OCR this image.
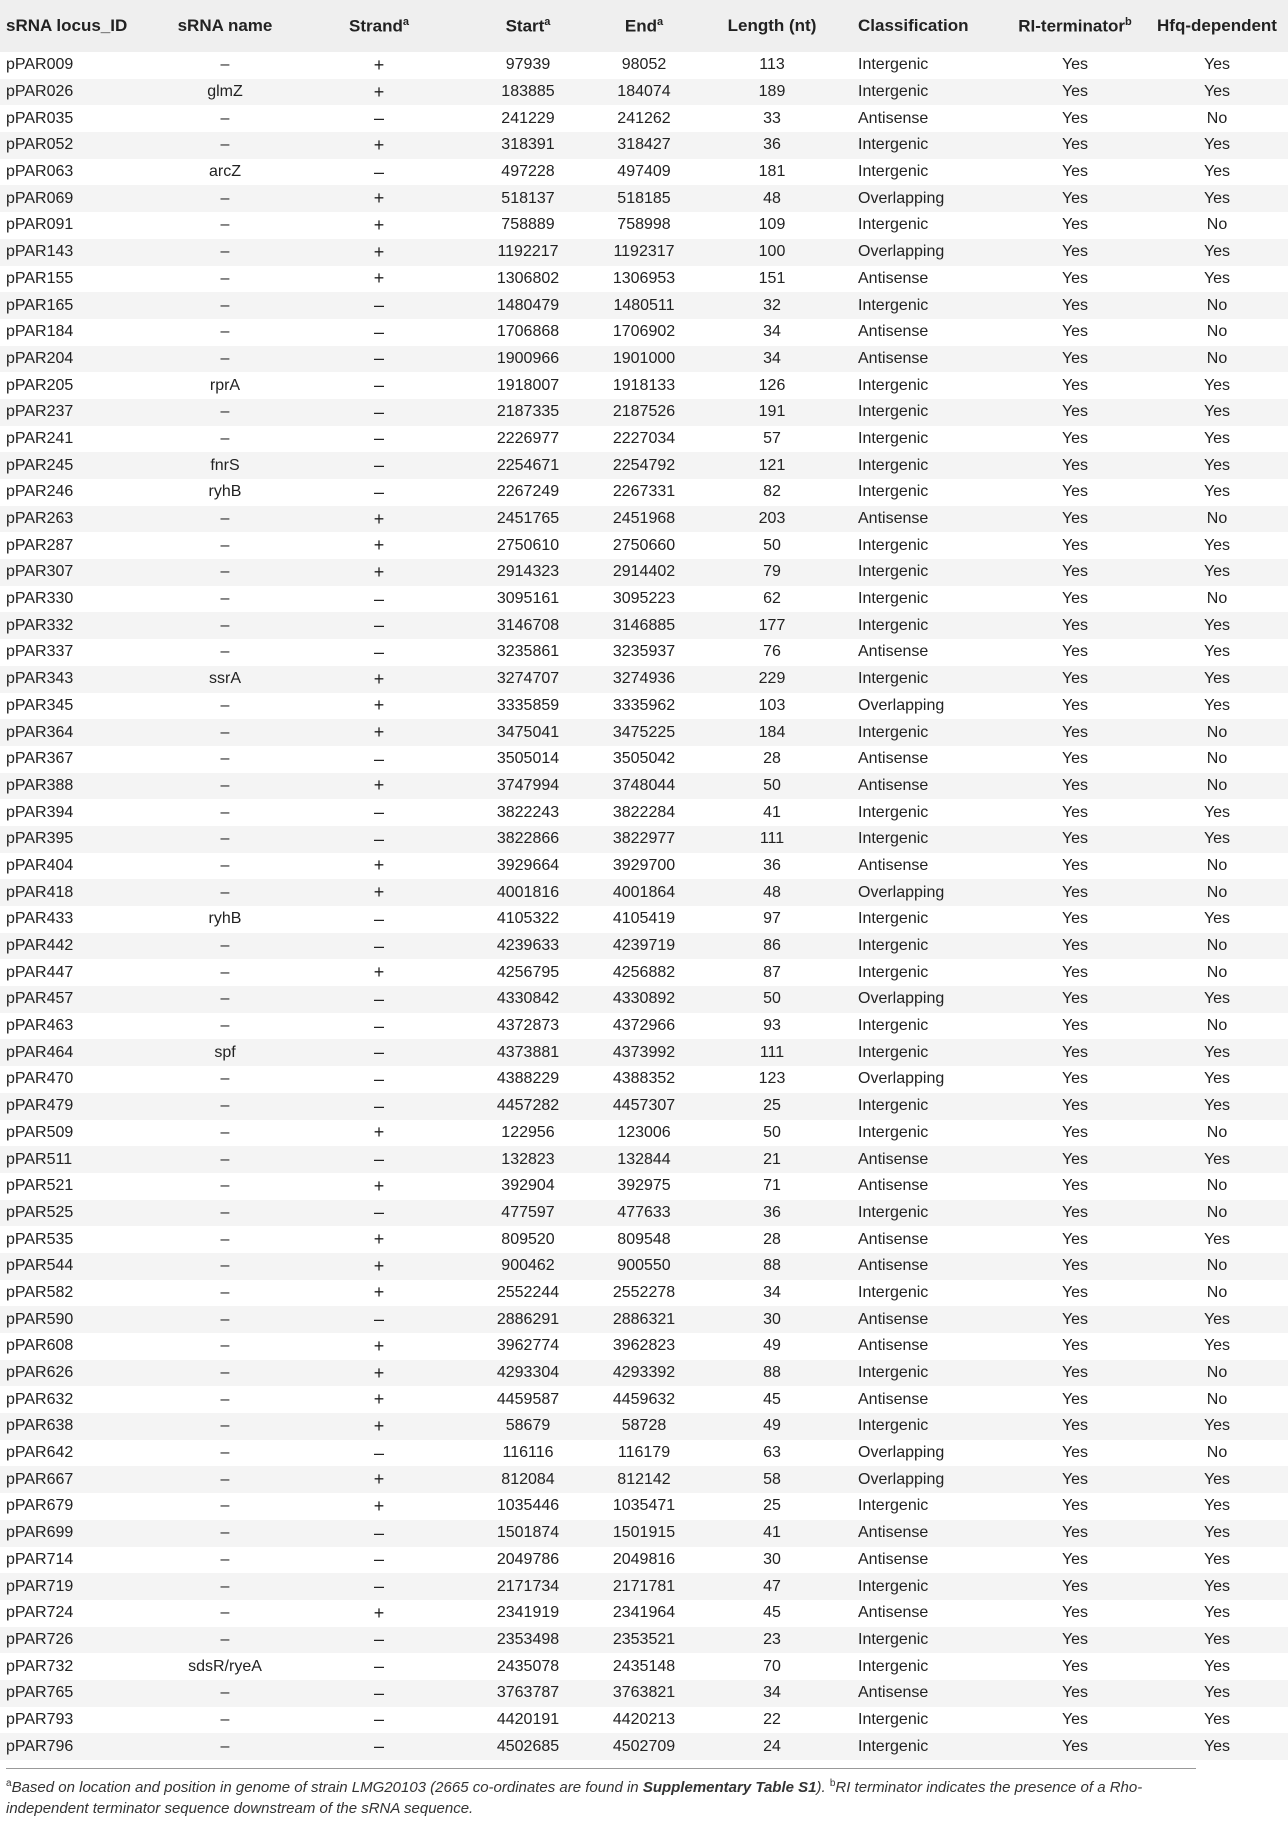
sRNA locus_ID	sRNA name	Strand$^a$	Start$^a$	End$^a$	Length (nt)	Classification	RI-terminator$^b$	Hfq-dependent
pPAR009	–	+	97939	98052	113	Intergenic	Yes	Yes
pPAR026	glmZ	+	183885	184074	189	Intergenic	Yes	Yes
pPAR035	–	–	241229	241262	33	Antisense	Yes	No
pPAR052	–	+	318391	318427	36	Intergenic	Yes	Yes
pPAR063	arcZ	–	497228	497409	181	Intergenic	Yes	Yes
pPAR069	–	+	518137	518185	48	Overlapping	Yes	Yes
pPAR091	–	+	758889	758998	109	Intergenic	Yes	No
pPAR143	–	+	1192217	1192317	100	Overlapping	Yes	Yes
pPAR155	–	+	1306802	1306953	151	Antisense	Yes	Yes
pPAR165	–	–	1480479	1480511	32	Intergenic	Yes	No
pPAR184	–	–	1706868	1706902	34	Antisense	Yes	No
pPAR204	–	–	1900966	1901000	34	Antisense	Yes	No
pPAR205	rprA	–	1918007	1918133	126	Intergenic	Yes	Yes
pPAR237	–	–	2187335	2187526	191	Intergenic	Yes	Yes
pPAR241	–	–	2226977	2227034	57	Intergenic	Yes	Yes
pPAR245	fnrS	–	2254671	2254792	121	Intergenic	Yes	Yes
pPAR246	ryhB	–	2267249	2267331	82	Intergenic	Yes	Yes
pPAR263	–	+	2451765	2451968	203	Antisense	Yes	No
pPAR287	–	+	2750610	2750660	50	Intergenic	Yes	Yes
pPAR307	–	+	2914323	2914402	79	Intergenic	Yes	Yes
pPAR330	–	–	3095161	3095223	62	Intergenic	Yes	No
pPAR332	–	–	3146708	3146885	177	Intergenic	Yes	Yes
pPAR337	–	–	3235861	3235937	76	Antisense	Yes	Yes
pPAR343	ssrA	+	3274707	3274936	229	Intergenic	Yes	Yes
pPAR345	–	+	3335859	3335962	103	Overlapping	Yes	Yes
pPAR364	–	+	3475041	3475225	184	Intergenic	Yes	No
pPAR367	–	–	3505014	3505042	28	Antisense	Yes	No
pPAR388	–	+	3747994	3748044	50	Antisense	Yes	No
pPAR394	–	–	3822243	3822284	41	Intergenic	Yes	Yes
pPAR395	–	–	3822866	3822977	111	Intergenic	Yes	Yes
pPAR404	–	+	3929664	3929700	36	Antisense	Yes	No
pPAR418	–	+	4001816	4001864	48	Overlapping	Yes	No
pPAR433	ryhB	–	4105322	4105419	97	Intergenic	Yes	Yes
pPAR442	–	–	4239633	4239719	86	Intergenic	Yes	No
pPAR447	–	+	4256795	4256882	87	Intergenic	Yes	No
pPAR457	–	–	4330842	4330892	50	Overlapping	Yes	Yes
pPAR463	–	–	4372873	4372966	93	Intergenic	Yes	No
pPAR464	spf	–	4373881	4373992	111	Intergenic	Yes	Yes
pPAR470	–	–	4388229	4388352	123	Overlapping	Yes	Yes
pPAR479	–	–	4457282	4457307	25	Intergenic	Yes	Yes
pPAR509	–	+	122956	123006	50	Intergenic	Yes	No
pPAR511	–	–	132823	132844	21	Antisense	Yes	Yes
pPAR521	–	+	392904	392975	71	Antisense	Yes	No
pPAR525	–	–	477597	477633	36	Intergenic	Yes	No
pPAR535	–	+	809520	809548	28	Antisense	Yes	Yes
pPAR544	–	+	900462	900550	88	Antisense	Yes	No
pPAR582	–	+	2552244	2552278	34	Intergenic	Yes	No
pPAR590	–	–	2886291	2886321	30	Antisense	Yes	Yes
pPAR608	–	+	3962774	3962823	49	Antisense	Yes	Yes
pPAR626	–	+	4293304	4293392	88	Intergenic	Yes	No
pPAR632	–	+	4459587	4459632	45	Antisense	Yes	No
pPAR638	–	+	58679	58728	49	Intergenic	Yes	Yes
pPAR642	–	–	116116	116179	63	Overlapping	Yes	No
pPAR667	–	+	812084	812142	58	Overlapping	Yes	Yes
pPAR679	–	+	1035446	1035471	25	Intergenic	Yes	Yes
pPAR699	–	–	1501874	1501915	41	Antisense	Yes	Yes
pPAR714	–	–	2049786	2049816	30	Antisense	Yes	Yes
pPAR719	–	–	2171734	2171781	47	Intergenic	Yes	Yes
pPAR724	–	+	2341919	2341964	45	Antisense	Yes	Yes
pPAR726	–	–	2353498	2353521	23	Intergenic	Yes	Yes
pPAR732	sdsR/ryeA	–	2435078	2435148	70	Intergenic	Yes	Yes
pPAR765	–	–	3763787	3763821	34	Antisense	Yes	Yes
pPAR793	–	–	4420191	4420213	22	Intergenic	Yes	Yes
pPAR796	–	–	4502685	4502709	24	Intergenic	Yes	Yes
$^a$Based on location and position in genome of strain LMG20103 (2665 co-ordinates are found in Supplementary Table S1). $^b$RI terminator indicates the presence of a Rho-independent terminator sequence downstream of the sRNA sequence.
